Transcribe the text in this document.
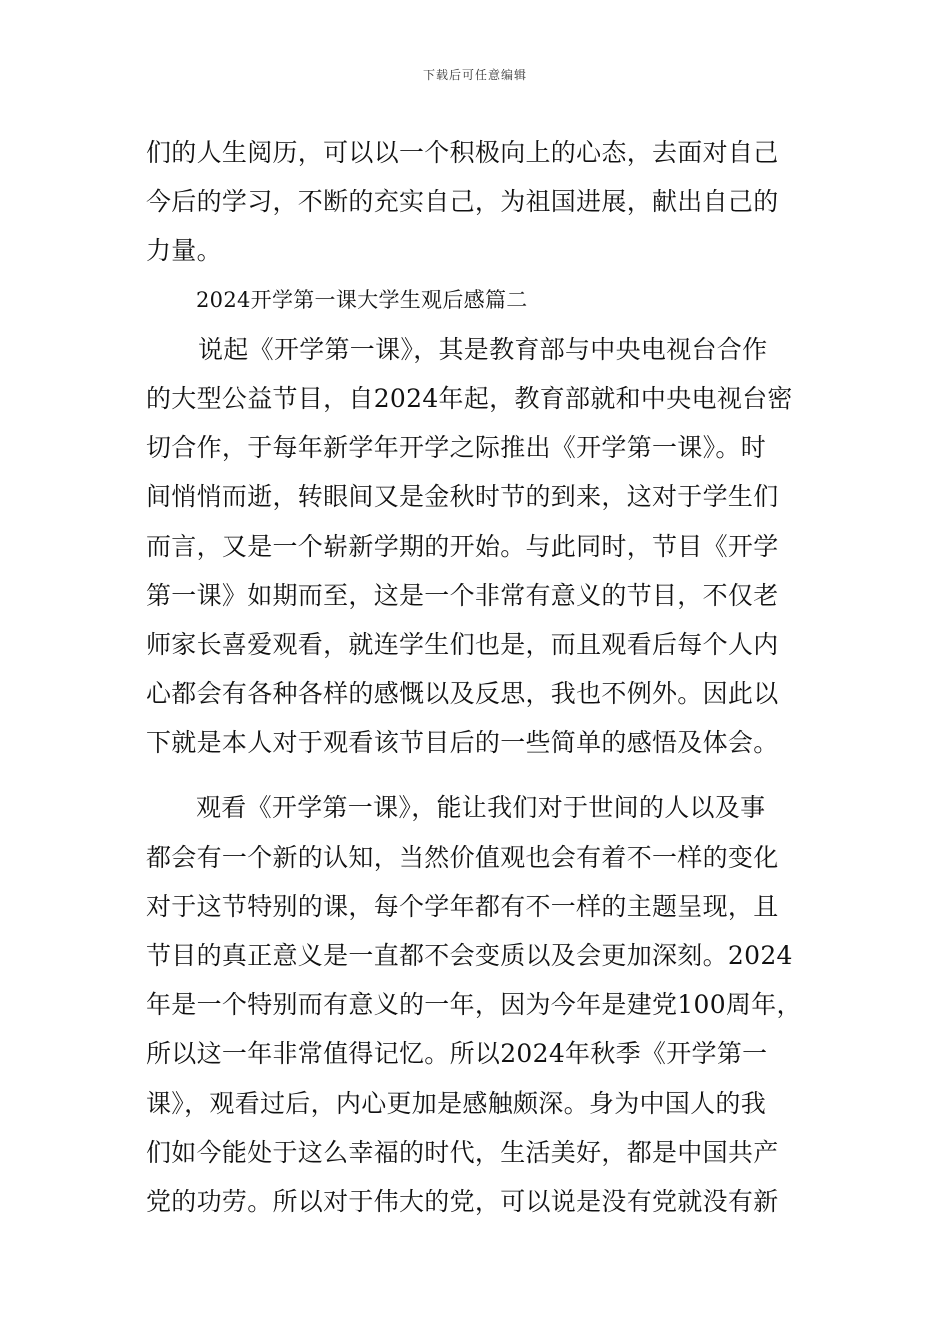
下载后可任意编辑
们的人生阅历，可以以一个积极向上的心态，去面对自己
今后的学习，不断的充实自己，为祖国进展，献出自己的
力量。
2024开学第一课大学生观后感篇二
说起《开学第一课》，其是教育部与中央电视台合作
的大型公益节目，自2024年起，教育部就和中央电视台密
切合作，于每年新学年开学之际推出《开学第一课》。时
间悄悄而逝，转眼间又是金秋时节的到来，这对于学生们
而言，又是一个崭新学期的开始。与此同时，节目《开学
第一课》如期而至，这是一个非常有意义的节目，不仅老
师家长喜爱观看，就连学生们也是，而且观看后每个人内
心都会有各种各样的感慨以及反思，我也不例外。因此以
下就是本人对于观看该节目后的一些简单的感悟及体会。
观看《开学第一课》，能让我们对于世间的人以及事
都会有一个新的认知，当然价值观也会有着不一样的变化
对于这节特别的课，每个学年都有不一样的主题呈现，且
节目的真正意义是一直都不会变质以及会更加深刻。2024
年是一个特别而有意义的一年，因为今年是建党100周年，
所以这一年非常值得记忆。所以2024年秋季《开学第一
课》，观看过后，内心更加是感触颇深。身为中国人的我
们如今能处于这么幸福的时代，生活美好，都是中国共产
党的功劳。所以对于伟大的党，可以说是没有党就没有新
